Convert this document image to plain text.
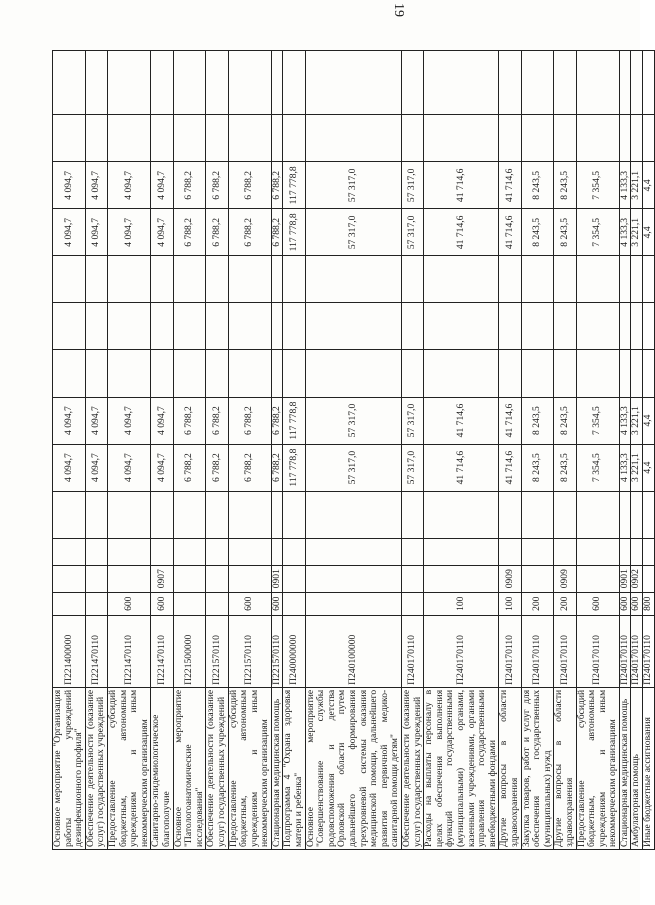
19
Основное мероприятие "Организация работы учреждений дезинфекционного профиля"	П221400000					4 094,7	4 094,7				4 094,7	4 094,7		
Обеспечение деятельности (оказание услуг) государственных учреждений	П221470110					4 094,7	4 094,7				4 094,7	4 094,7		
Предоставление субсидий бюджетным, автономным учреждениям и иным некоммерческим организациям	П221470110	600				4 094,7	4 094,7				4 094,7	4 094,7		
Санитарно-эпидемиологическое благополучие	П221470110	600	0907			4 094,7	4 094,7				4 094,7	4 094,7		
Основное мероприятие "Патологоанатомические исследования"	П221500000					6 788,2	6 788,2				6 788,2	6 788,2		
Обеспечение деятельности (оказание услуг) государственных учреждений	П221570110					6 788,2	6 788,2				6 788,2	6 788,2		
Предоставление субсидий бюджетным, автономным учреждениям и иным некоммерческим организациям	П221570110	600				6 788,2	6 788,2				6 788,2	6 788,2		
Стационарная медицинская помощь	П221570110	600	0901			6 788,2	6 788,2				6 788,2	6 788,2		
Подпрограмма 4 "Охрана здоровья матери и ребенка"	П240000000					117 778,8	117 778,8				117 778,8	117 778,8		
Основное мероприятие "Совершенствование службы родовспоможения и детства Орловской области путем дальнейшего формирования трехуровневой системы оказания медицинской помощи, дальнейшего развития первичной медико-санитарной помощи детям"	П240100000					57 317,0	57 317,0				57 317,0	57 317,0		
Обеспечение деятельности (оказание услуг) государственных учреждений	П240170110					57 317,0	57 317,0				57 317,0	57 317,0		
Расходы на выплаты персоналу в целях обеспечения выполнения функций государственными (муниципальными) органами, казенными учреждениями, органами управления государственными внебюджетными фондами	П240170110	100				41 714,6	41 714,6				41 714,6	41 714,6		
Другие вопросы в области здравоохранения	П240170110	100	0909			41 714,6	41 714,6				41 714,6	41 714,6		
Закупка товаров, работ и услуг для обеспечения государственных (муниципальных) нужд	П240170110	200				8 243,5	8 243,5				8 243,5	8 243,5		
Другие вопросы в области здравоохранения	П240170110	200	0909			8 243,5	8 243,5				8 243,5	8 243,5		
Предоставление субсидий бюджетным, автономным учреждениям и иным некоммерческим организациям	П240170110	600				7 354,5	7 354,5				7 354,5	7 354,5		
Стационарная медицинская помощь	П240170110	600	0901			4 133,3	4 133,3				4 133,3	4 133,3		
Амбулаторная помощь	П240170110	600	0902			3 221,1	3 221,1				3 221,1	3 221,1		
Иные бюджетные ассигнования	П240170110	800				4,4	4,4				4,4	4,4		
